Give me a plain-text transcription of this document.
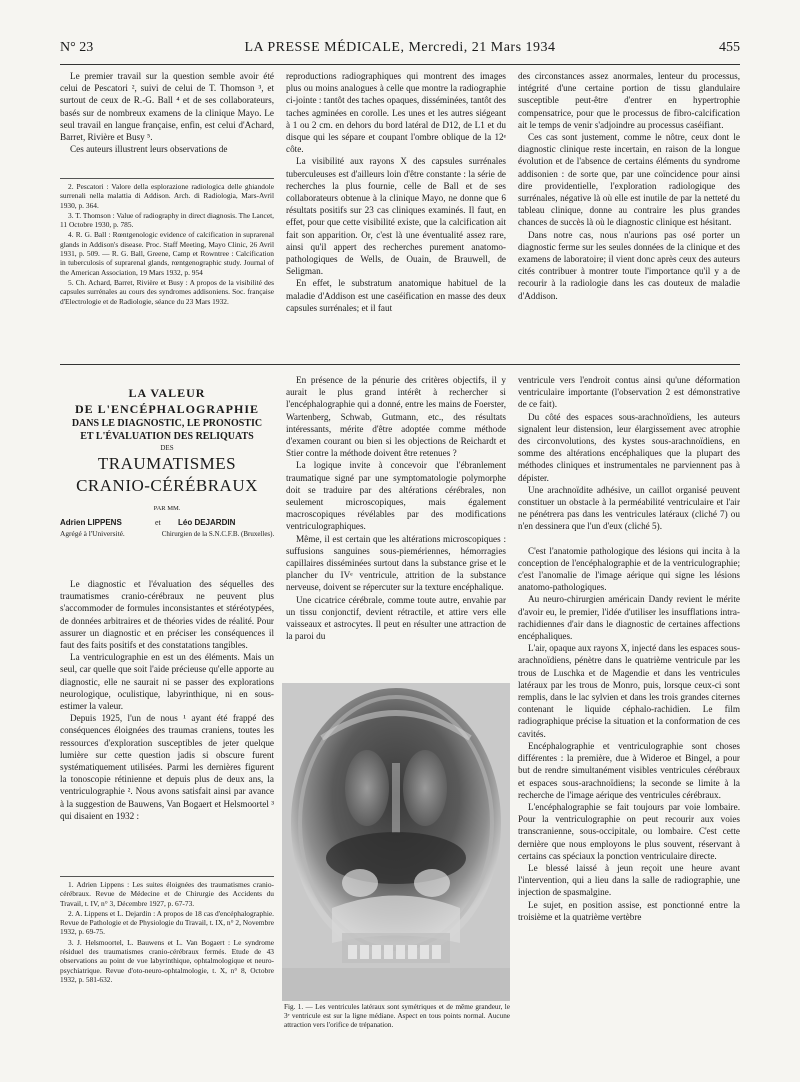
N° 23	LA PRESSE MÉDICALE, Mercredi, 21 Mars 1934	455

Le premier travail sur la question semble avoir été celui de Pescatori ², suivi de celui de T. Thomson ³, et surtout de ceux de R.-G. Ball ⁴ et de ses collaborateurs, basés sur de nombreux examens de la clinique Mayo. Le seul travail en langue française, enfin, est celui d'Achard, Barret, Rivière et Busy ⁵.

Ces auteurs illustrent leurs observations de

2. Pescatori : Valore della esplorazione radiologica delle ghiandole surrenali nella malattia di Addison. Arch. di Radiologia, Mars-Avril 1930, p. 364.

3. T. Thomson : Value of radiography in direct diagnosis. The Lancet, 11 Octobre 1930, p. 785.

4. R. G. Ball : Rœntgenologic evidence of calcification in suprarenal glands in Addison's disease. Proc. Staff Meeting, Mayo Clinic, 26 Avril 1931, p. 509. — R. G. Ball, Greene, Camp et Rowntree : Calcification in tuberculosis of suprarenal glands, rœntgenographic study. Journal of the American Association, 19 Mars 1932, p. 954

5. Ch. Achard, Barret, Rivière et Busy : A propos de la visibilité des capsules surrénales au cours des syndromes addisoniens. Soc. française d'Electrologie et de Radiologie, séance du 23 Mars 1932.

reproductions radiographiques qui montrent des images plus ou moins analogues à celle que montre la radiographie ci-jointe : tantôt des taches opaques, disséminées, tantôt des taches agminées en corolle. Les unes et les autres siégeant à 1 ou 2 cm. en dehors du bord latéral de D12, de L1 et du disque qui les sépare et coupant l'ombre oblique de la 12ᵉ côte.

La visibilité aux rayons X des capsules surrénales tuberculeuses est d'ailleurs loin d'être constante : la série de recherches la plus fournie, celle de Ball et de ses collaborateurs obtenue à la clinique Mayo, ne donne que 6 résultats positifs sur 23 cas cliniques examinés. Il faut, en effet, pour que cette visibilité existe, que la calcification ait fait son apparition. Or, c'est là une éventualité assez rare, ainsi qu'il appert des recherches purement anatomo-pathologiques de Wells, de Ouain, de Brauwell, de Seligman.

En effet, le substratum anatomique habituel de la maladie d'Addison est une caséification en masse des deux capsules surrénales; et il faut

des circonstances assez anormales, lenteur du processus, intégrité d'une certaine portion de tissu glandulaire susceptible peut-être d'entrer en hypertrophie compensatrice, pour que le processus de fibro-calcification ait le temps de venir s'adjoindre au processus caséifiant.

Ces cas sont justement, comme le nôtre, ceux dont le diagnostic clinique reste incertain, en raison de la longue évolution et de l'absence de certains éléments du syndrome addisonien : de sorte que, par une coïncidence pour ainsi dire providentielle, l'exploration radiologique des surrénales, négative là où elle est inutile de par la netteté du tableau clinique, donne au contraire les plus grandes chances de succès là où le diagnostic clinique est hésitant.

Dans notre cas, nous n'aurions pas osé porter un diagnostic ferme sur les seules données de la clinique et des examens de laboratoire; il vient donc après ceux des auteurs cités contribuer à montrer toute l'importance qu'il y a de recourir à la radiologie dans les cas douteux de maladie d'Addison.

LA VALEUR
DE L'ENCÉPHALOGRAPHIE
DANS LE DIAGNOSTIC, LE PRONOSTIC
ET L'ÉVALUATION DES RELIQUATS
DES
TRAUMATISMES
CRANIO-CÉRÉBRAUX
PAR MM.
Adrien LIPPENS	et Léo DEJARDIN
Agrégé à l'Université.	Chirurgien de la S.N.C.F.B. (Bruxelles).

Le diagnostic et l'évaluation des séquelles des traumatismes cranio-cérébraux ne peuvent plus s'accommoder de formules inconsistantes et stéréotypées, de données arbitraires et de théories vides de réalité. Pour assurer un diagnostic et en préciser les conséquences il faut des faits positifs et des constatations tangibles.

La ventriculographie en est un des éléments. Mais un seul, car quelle que soit l'aide précieuse qu'elle apporte au diagnostic, elle ne saurait ni se passer des explorations neurologique, oculistique, labyrinthique, ni en sous-estimer la valeur.

Depuis 1925, l'un de nous ¹ ayant été frappé des conséquences éloignées des traumas craniens, toutes les ressources d'exploration susceptibles de jeter quelque lumière sur cette question jadis si obscure furent systématiquement utilisées. Parmi les dernières figurent la tonoscopie rétinienne et depuis plus de deux ans, la ventriculographie ². Nous avons satisfait ainsi par avance à la suggestion de Bauwens, Van Bogaert et Helsmoortel ³ qui disaient en 1932 :

1. Adrien Lippens : Les suites éloignées des traumatismes cranio-cérébraux. Revue de Médecine et de Chirurgie des Accidents du Travail, t. IV, n° 3, Décembre 1927, p. 67-73.

2. A. Lippens et L. Dejardin : A propos de 18 cas d'encéphalographie. Revue de Pathologie et de Physiologie du Travail, t. IX, n° 2, Novembre 1932, p. 69-75.

3. J. Helsmoortel, L. Bauwens et L. Van Bogaert : Le syndrome résiduel des traumatismes cranio-cérébraux fermés. Etude de 43 observations au point de vue labyrinthique, ophtalmologique et neuro-psychiatrique. Revue d'oto-neuro-ophtalmologie, t. X, n° 8, Octobre 1932, p. 581-632.

En présence de la pénurie des critères objectifs, il y aurait le plus grand intérêt à rechercher si l'encéphalographie qui a donné, entre les mains de Foerster, Wartenberg, Schwab, Gutmann, etc., des résultats intéressants, mérite d'être adoptée comme méthode d'examen courant ou bien si les objections de Reichardt et Stier contre la méthode doivent être retenues ?

La logique invite à concevoir que l'ébranlement traumatique signé par une symptomatologie polymorphe doit se traduire par des altérations cérébrales, non seulement microscopiques, mais également macroscopiques révélables par des modifications ventriculographiques.

Même, il est certain que les altérations microscopiques : suffusions sanguines sous-piemériennes, hémorragies capillaires disséminées surtout dans la substance grise et le plancher du IVᵉ ventricule, attrition de la substance nerveuse, doivent se répercuter sur la texture encéphalique.

Une cicatrice cérébrale, comme toute autre, envahie par un tissu conjonctif, devient rétractile, et attire vers elle vaisseaux et astrocytes. Il peut en résulter une attraction de la paroi du

Fig. 1. — Les ventricules latéraux sont symétriques et de même grandeur, le 3ᵉ ventricule est sur la ligne médiane. Aspect en tous points normal. Aucune attraction vers l'orifice de trépanation.

ventricule vers l'endroit contus ainsi qu'une déformation ventriculaire importante (l'observation 2 est démonstrative de ce fait).

Du côté des espaces sous-arachnoïdiens, les auteurs signalent leur distension, leur élargissement avec atrophie des circonvolutions, des kystes sous-arachnoïdiens, en somme des altérations encéphaliques que la plupart des méthodes cliniques et instrumentales ne parviennent pas à dépister.

Une arachnoïdite adhésive, un caillot organisé peuvent constituer un obstacle à la perméabilité ventriculaire et l'air ne pénétrera pas dans les ventricules latéraux (cliché 7) ou n'en dessinera que l'un d'eux (cliché 5).

C'est l'anatomie pathologique des lésions qui incita à la conception de l'encéphalographie et de la ventriculographie; c'est l'anomalie de l'image aérique qui signe les lésions anatomo-pathologiques.

Au neuro-chirurgien américain Dandy revient le mérite d'avoir eu, le premier, l'idée d'utiliser les insufflations intra-rachidiennes d'air dans le diagnostic de certaines affections encéphaliques.

L'air, opaque aux rayons X, injecté dans les espaces sous-arachnoïdiens, pénètre dans le quatrième ventricule par les trous de Luschka et de Magendie et dans les ventricules latéraux par les trous de Monro, puis, lorsque ceux-ci sont remplis, dans le lac sylvien et dans les trois grandes citernes contenant le liquide céphalo-rachidien. Le film radiographique précise la situation et la conformation de ces cavités.

Encéphalographie et ventriculographie sont choses différentes : la première, due à Wideroe et Bingel, a pour but de rendre simultanément visibles ventricules cérébraux et espaces sous-arachnoïdiens; la seconde se limite à la recherche de l'image aérique des ventricules cérébraux.

L'encéphalographie se fait toujours par voie lombaire. Pour la ventriculographie on peut recourir aux voies transcranienne, sous-occipitale, ou lombaire. C'est cette dernière que nous employons le plus souvent, réservant à certains cas spéciaux la ponction ventriculaire directe.

Le blessé laissé à jeun reçoit une heure avant l'intervention, qui a lieu dans la salle de radiographie, une injection de spasmalgine.

Le sujet, en position assise, est ponctionné entre la troisième et la quatrième vertèbre
